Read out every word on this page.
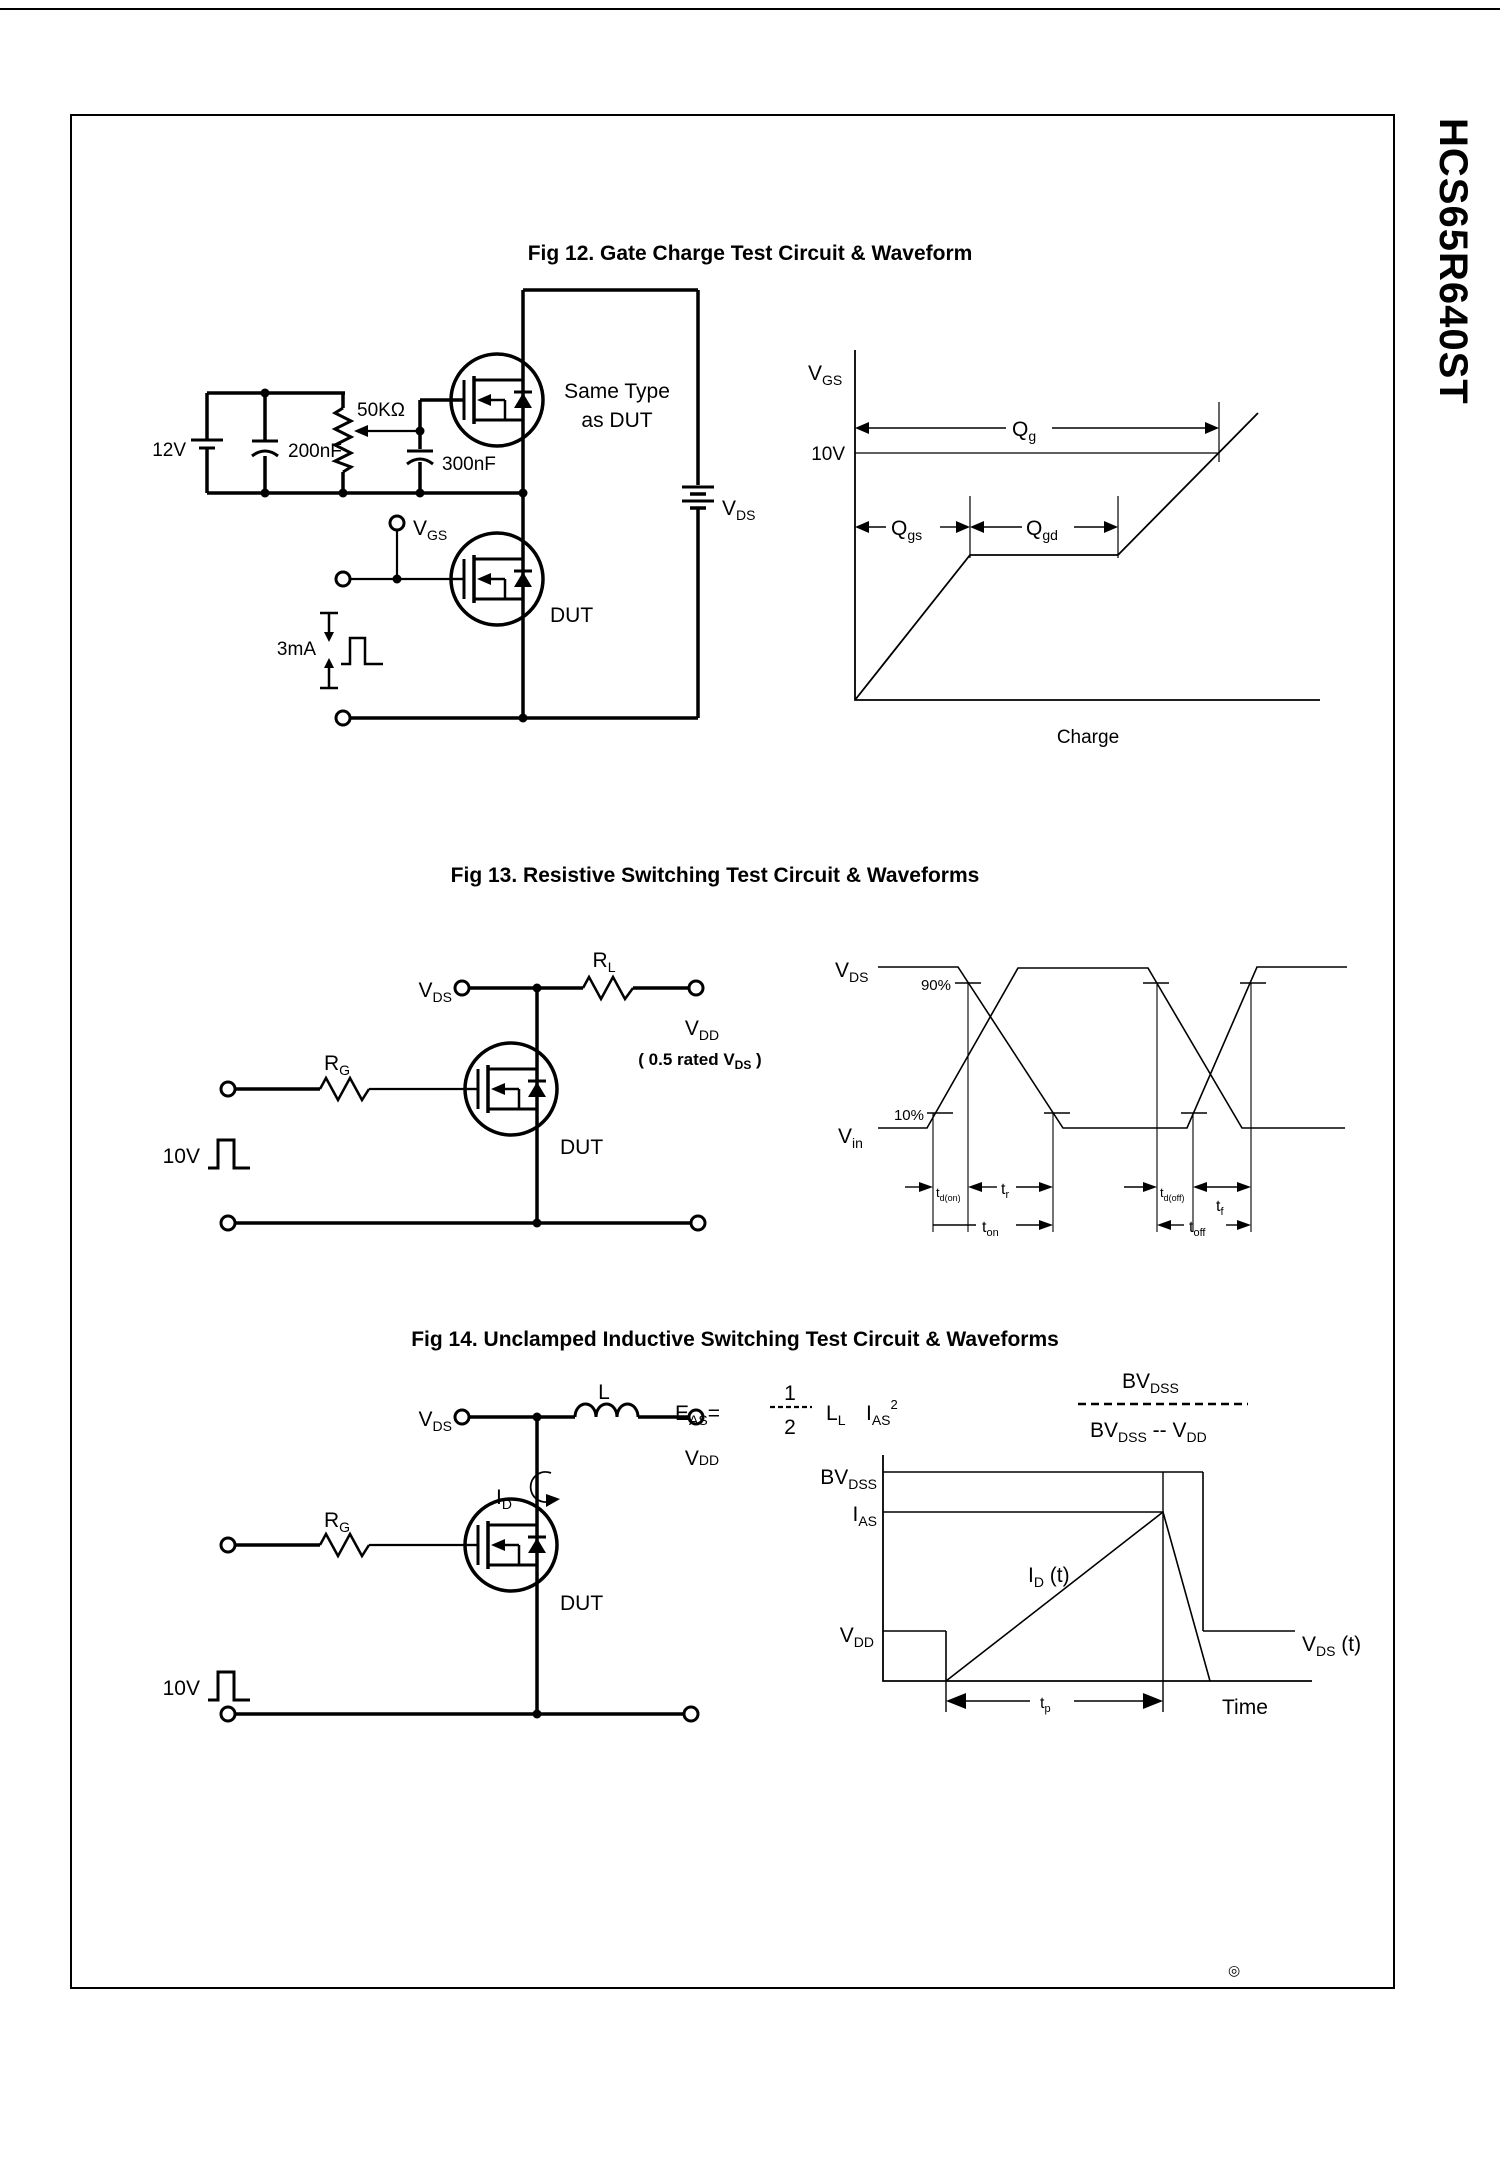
HCS65R640ST
◎
Fig 12. Gate Charge Test Circuit & Waveform
12V	200nF
50KΩ
300nF
$V_{DS}$
Same Type
as DUT
DUT
$V_{GS}$
3mA
$V_{GS}$
Charge
10V
$Q_g$
$Q_{gs}$	$Q_{gd}$
Fig 13. Resistive Switching Test Circuit & Waveforms
$V_{DS}$
$R_L$
$V_{DD}$
( 0.5 rated $V_{DS}$ )
$R_G$
DUT
10V
$V_{DS}$
$V_{in}$
90%
10%
$t_{d(on)}$	$t_r$	$t_{d(off)}$ $t_f$
$t_{on}$	$t_{off}$
Fig 14. Unclamped Inductive Switching Test Circuit & Waveforms
$V_{DS}$
L
VDD
$I_D$
$R_G$
DUT
10V
$E_{AS}=$
1
2
$L_L$ $I_{AS}^2$
$BV_{DSS}$
$BV_{DSS} -- V_{DD}$
$BV_{DSS}$
$I_{AS}$
$V_{DD}$
$I_D$ (t)
$V_{DS}$ (t)
$t_p$	Time
